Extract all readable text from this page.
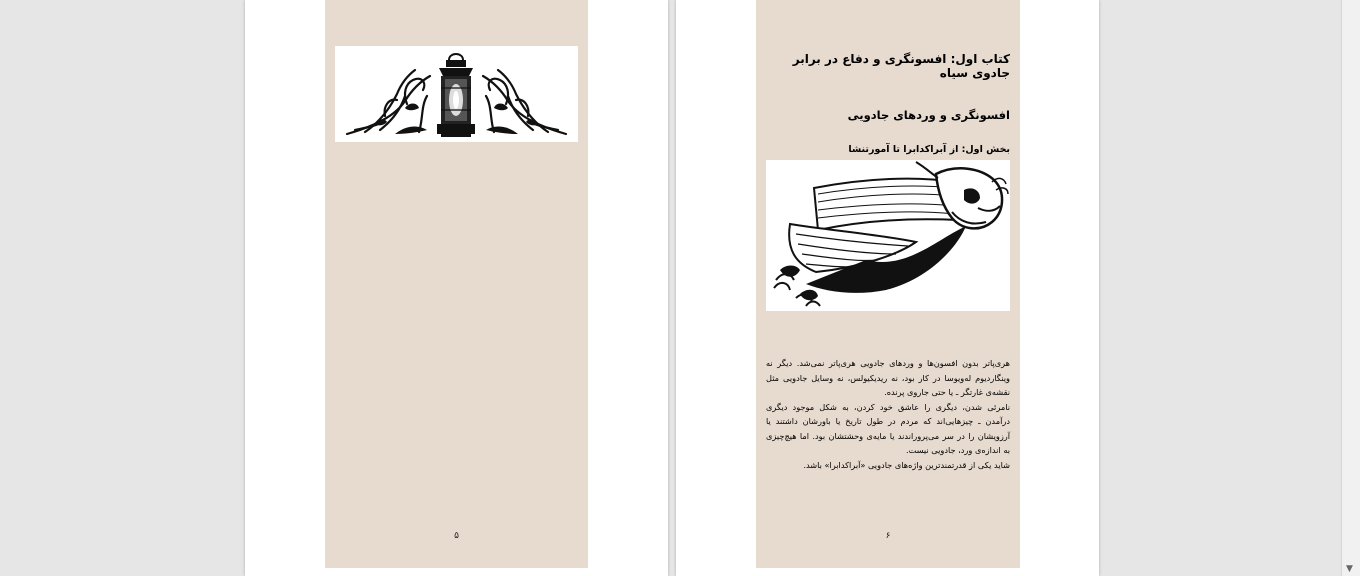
۵
کتاب اول: افسونگری و دفاع در برابر جادوی سیاه
افسونگری و وردهای جادویی
بخش اول: از آبراکدابرا تا آمورتنشا

هری‌پاتر بدون افسون‌ها و وردهای جادویی هری‌پاتر نمی‌شد. دیگر نه وینگاردیوم لەویوسا در کار بود، نه ریدیکیولس، نه وسایل جادویی مثل نقشه‌ی غارتگر ـ یا حتی جاروی پرنده.

نامرئی شدن، دیگری را عاشق خود کردن، به شکل موجود دیگری درآمدن ـ چیزهایی‌اند که مردم در طول تاریخ یا باورشان داشتند یا آرزویشان را در سر می‌پروراندند یا مایه‌ی وحشتشان بود. اما هیچ‌چیزی به اندازه‌ی ورد، جادویی نیست.

شاید یکی از قدرتمندترین واژه‌های جادویی «آبراکدابرا» باشد.

۶
▼
